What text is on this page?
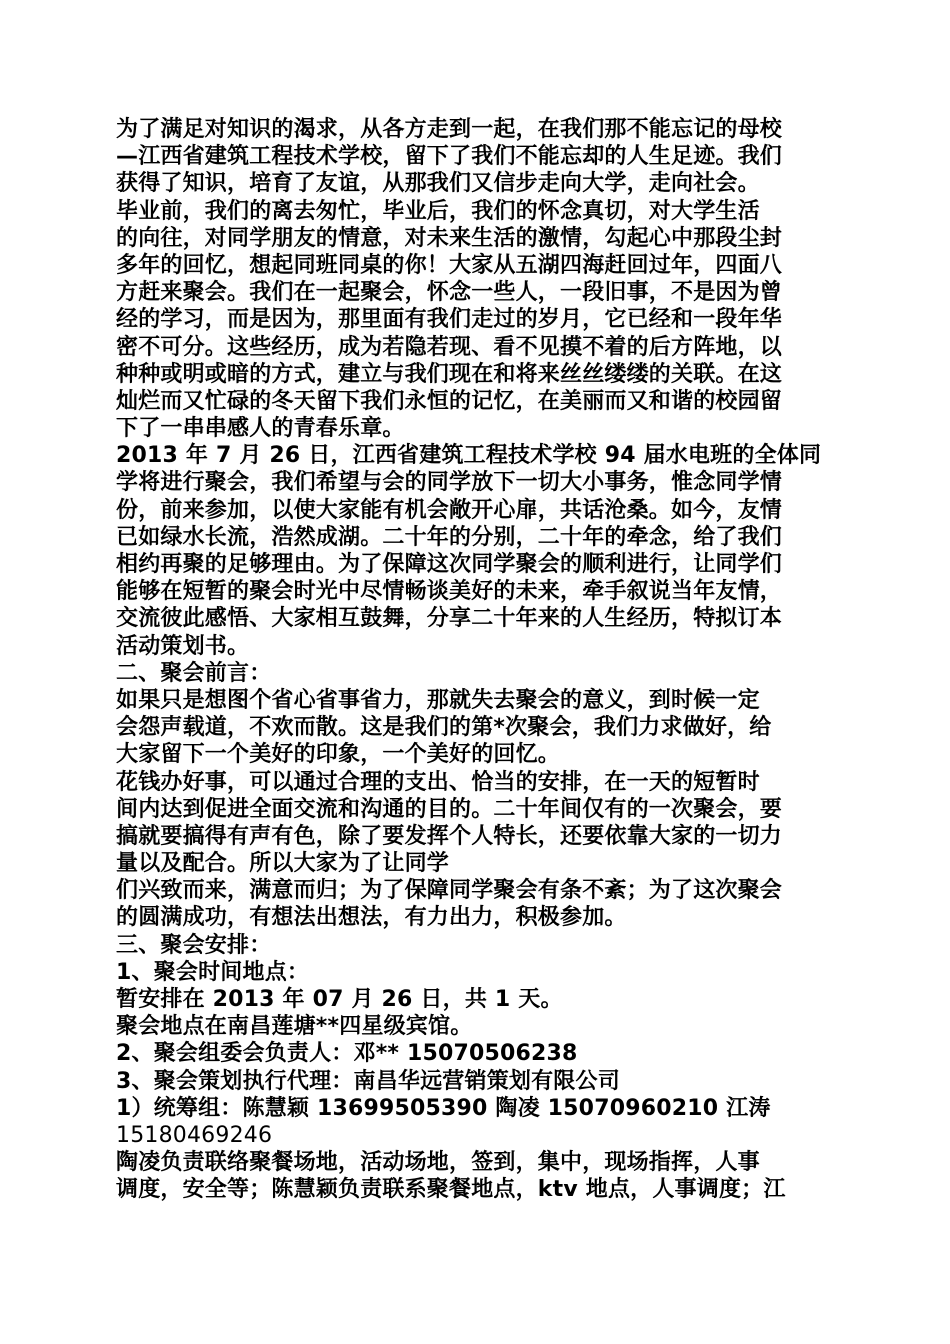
为了满足对知识的渴求，从各方走到一起，在我们那不能忘记的母校
—江西省建筑工程技术学校，留下了我们不能忘却的人生足迹。我们
获得了知识，培育了友谊，从那我们又信步走向大学，走向社会。
毕业前，我们的离去匆忙，毕业后，我们的怀念真切，对大学生活
的向往，对同学朋友的情意，对未来生活的激情，勾起心中那段尘封
多年的回忆，想起同班同桌的你！大家从五湖四海赶回过年，四面八
方赶来聚会。我们在一起聚会，怀念一些人，一段旧事，不是因为曾
经的学习，而是因为，那里面有我们走过的岁月，它已经和一段年华
密不可分。这些经历，成为若隐若现、看不见摸不着的后方阵地，以
种种或明或暗的方式，建立与我们现在和将来丝丝缕缕的关联。在这
灿烂而又忙碌的冬天留下我们永恒的记忆，在美丽而又和谐的校园留
下了一串串感人的青春乐章。
2013 年 7 月 26 日，江西省建筑工程技术学校 94 届水电班的全体同
学将进行聚会，我们希望与会的同学放下一切大小事务，惟念同学情
份，前来参加，以使大家能有机会敞开心扉，共话沧桑。如今，友情
已如绿水长流，浩然成湖。二十年的分别，二十年的牵念，给了我们
相约再聚的足够理由。为了保障这次同学聚会的顺利进行，让同学们
能够在短暂的聚会时光中尽情畅谈美好的未来，牵手叙说当年友情，
交流彼此感悟、大家相互鼓舞，分享二十年来的人生经历，特拟订本
活动策划书。
二、聚会前言：
如果只是想图个省心省事省力，那就失去聚会的意义，到时候一定
会怨声载道，不欢而散。这是我们的第*次聚会，我们力求做好，给
大家留下一个美好的印象，一个美好的回忆。
花钱办好事，可以通过合理的支出、恰当的安排，在一天的短暂时
间内达到促进全面交流和沟通的目的。二十年间仅有的一次聚会，要
搞就要搞得有声有色，除了要发挥个人特长，还要依靠大家的一切力
量以及配合。所以大家为了让同学
们兴致而来，满意而归；为了保障同学聚会有条不紊；为了这次聚会
的圆满成功，有想法出想法，有力出力，积极参加。
三、聚会安排：
1、聚会时间地点：
暂安排在 2013 年 07 月 26 日，共 1 天。
聚会地点在南昌莲塘**四星级宾馆。
2、聚会组委会负责人：邓** 15070506238
3、聚会策划执行代理：南昌华远营销策划有限公司
1）统筹组：陈慧颖 13699505390 陶凌 15070960210 江涛
15180469246
陶凌负责联络聚餐场地，活动场地，签到，集中，现场指挥，人事
调度，安全等；陈慧颖负责联系聚餐地点，ktv 地点，人事调度；江
